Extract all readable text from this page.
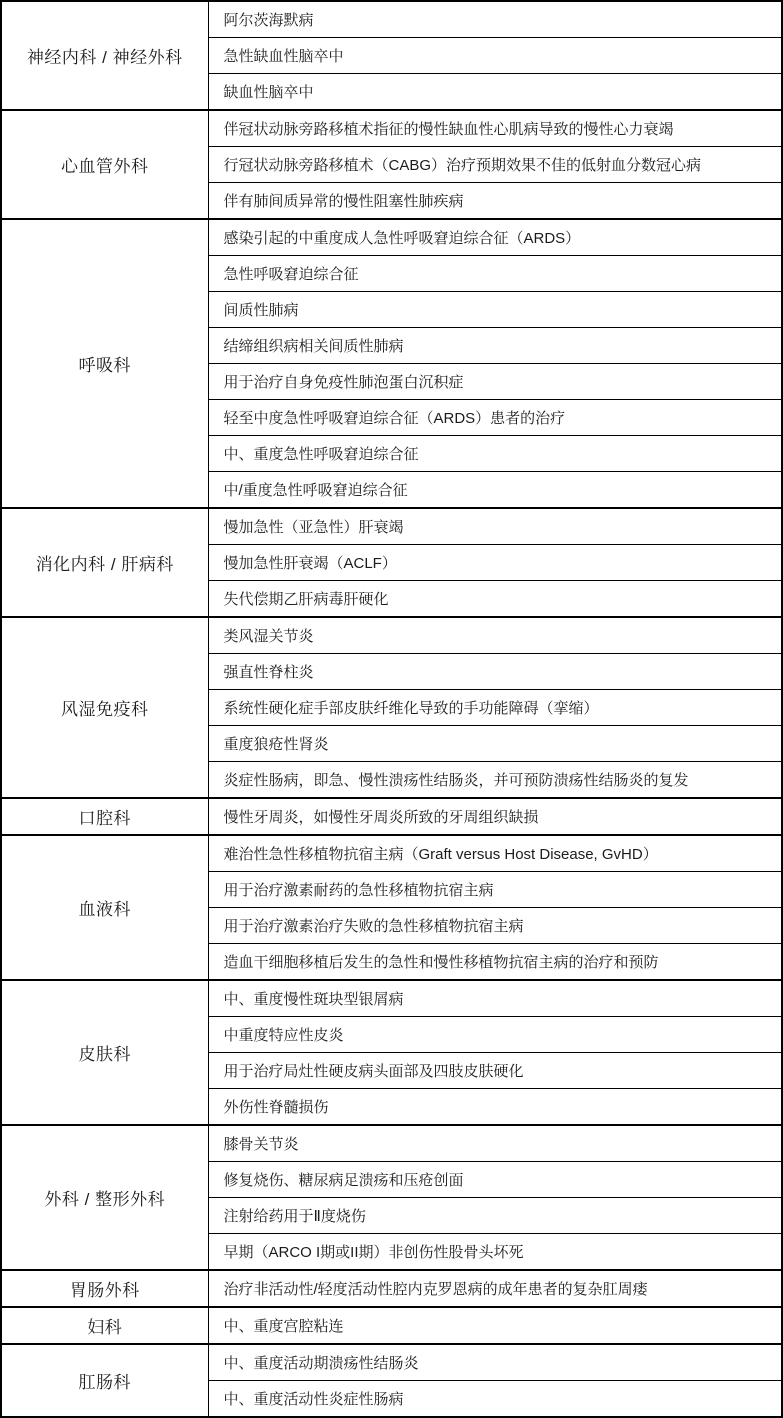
神经内科 / 神经外科	阿尔茨海默病
	急性缺血性脑卒中
	缺血性脑卒中
心血管外科	伴冠状动脉旁路移植术指征的慢性缺血性心肌病导致的慢性心力衰竭
	行冠状动脉旁路移植术（CABG）治疗预期效果不佳的低射血分数冠心病
	伴有肺间质异常的慢性阻塞性肺疾病
呼吸科	感染引起的中重度成人急性呼吸窘迫综合征（ARDS）
	急性呼吸窘迫综合征
	间质性肺病
	结缔组织病相关间质性肺病
	用于治疗自身免疫性肺泡蛋白沉积症
	轻至中度急性呼吸窘迫综合征（ARDS）患者的治疗
	中、重度急性呼吸窘迫综合征
	中/重度急性呼吸窘迫综合征
消化内科 / 肝病科	慢加急性（亚急性）肝衰竭
	慢加急性肝衰竭（ACLF）
	失代偿期乙肝病毒肝硬化
风湿免疫科	类风湿关节炎
	强直性脊柱炎
	系统性硬化症手部皮肤纤维化导致的手功能障碍（挛缩）
	重度狼疮性肾炎
	炎症性肠病，即急、慢性溃疡性结肠炎，并可预防溃疡性结肠炎的复发
口腔科	慢性牙周炎，如慢性牙周炎所致的牙周组织缺损
血液科	难治性急性移植物抗宿主病（Graft versus Host Disease, GvHD）
	用于治疗激素耐药的急性移植物抗宿主病
	用于治疗激素治疗失败的急性移植物抗宿主病
	造血干细胞移植后发生的急性和慢性移植物抗宿主病的治疗和预防
皮肤科	中、重度慢性斑块型银屑病
	中重度特应性皮炎
	用于治疗局灶性硬皮病头面部及四肢皮肤硬化
	外伤性脊髓损伤
外科 / 整形外科	膝骨关节炎
	修复烧伤、糖尿病足溃疡和压疮创面
	注射给药用于Ⅱ度烧伤
	早期（ARCO I期或II期）非创伤性股骨头坏死
胃肠外科	治疗非活动性/轻度活动性腔内克罗恩病的成年患者的复杂肛周瘘
妇科	中、重度宫腔粘连
肛肠科	中、重度活动期溃疡性结肠炎
	中、重度活动性炎症性肠病
